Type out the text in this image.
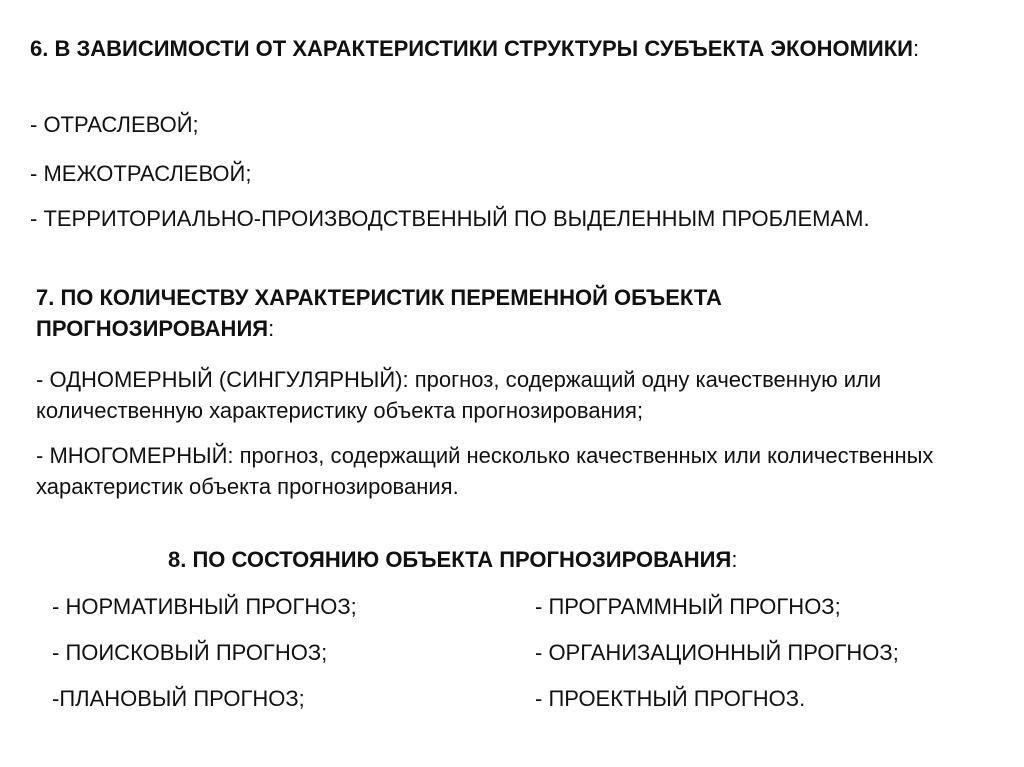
6. В ЗАВИСИМОСТИ ОТ ХАРАКТЕРИСТИКИ СТРУКТУРЫ СУБЪЕКТА ЭКОНОМИКИ:

- ОТРАСЛЕВОЙ;

- МЕЖОТРАСЛЕВОЙ;

- ТЕРРИТОРИАЛЬНО-ПРОИЗВОДСТВЕННЫЙ ПО ВЫДЕЛЕННЫМ ПРОБЛЕМАМ.

7. ПО КОЛИЧЕСТВУ ХАРАКТЕРИСТИК ПЕРЕМЕННОЙ ОБЪЕКТА ПРОГНОЗИРОВАНИЯ:

- ОДНОМЕРНЫЙ (СИНГУЛЯРНЫЙ): прогноз, содержащий одну качественную или количественную характеристику объекта прогнозирования;

- МНОГОМЕРНЫЙ: прогноз, содержащий несколько качественных или количественных характеристик объекта прогнозирования.

8. ПО СОСТОЯНИЮ ОБЪЕКТА ПРОГНОЗИРОВАНИЯ:

- НОРМАТИВНЫЙ ПРОГНОЗ;

- ПОИСКОВЫЙ ПРОГНОЗ;

-ПЛАНОВЫЙ ПРОГНОЗ;

- ПРОГРАММНЫЙ ПРОГНОЗ;

- ОРГАНИЗАЦИОННЫЙ ПРОГНОЗ;

- ПРОЕКТНЫЙ ПРОГНОЗ.
